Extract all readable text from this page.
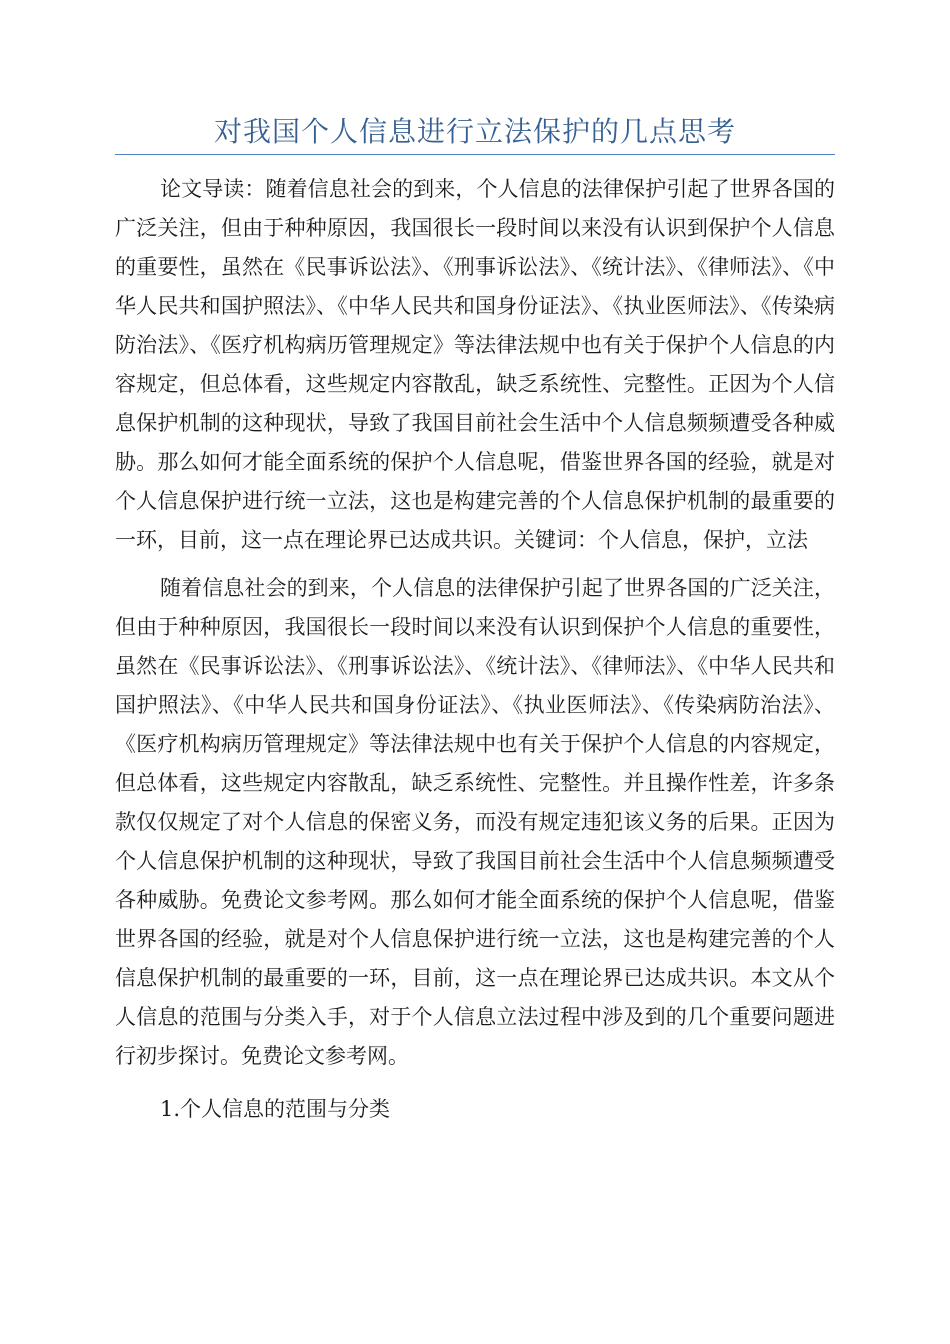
对我国个人信息进行立法保护的几点思考

论文导读：随着信息社会的到来，个人信息的法律保护引起了世界各国的广泛关注，但由于种种原因，我国很长一段时间以来没有认识到保护个人信息的重要性，虽然在《民事诉讼法》、《刑事诉讼法》、《统计法》、《律师法》、《中华人民共和国护照法》、《中华人民共和国身份证法》、《执业医师法》、《传染病防治法》、《医疗机构病历管理规定》等法律法规中也有关于保护个人信息的内容规定，但总体看，这些规定内容散乱，缺乏系统性、完整性。正因为个人信息保护机制的这种现状，导致了我国目前社会生活中个人信息频频遭受各种威胁。那么如何才能全面系统的保护个人信息呢，借鉴世界各国的经验，就是对个人信息保护进行统一立法，这也是构建完善的个人信息保护机制的最重要的一环，目前，这一点在理论界已达成共识。关键词：个人信息，保护，立法

随着信息社会的到来，个人信息的法律保护引起了世界各国的广泛关注，但由于种种原因，我国很长一段时间以来没有认识到保护个人信息的重要性，虽然在《民事诉讼法》、《刑事诉讼法》、《统计法》、《律师法》、《中华人民共和国护照法》、《中华人民共和国身份证法》、《执业医师法》、《传染病防治法》、《医疗机构病历管理规定》等法律法规中也有关于保护个人信息的内容规定，但总体看，这些规定内容散乱，缺乏系统性、完整性。并且操作性差，许多条款仅仅规定了对个人信息的保密义务，而没有规定违犯该义务的后果。正因为个人信息保护机制的这种现状，导致了我国目前社会生活中个人信息频频遭受各种威胁。免费论文参考网。那么如何才能全面系统的保护个人信息呢，借鉴世界各国的经验，就是对个人信息保护进行统一立法，这也是构建完善的个人信息保护机制的最重要的一环，目前，这一点在理论界已达成共识。本文从个人信息的范围与分类入手，对于个人信息立法过程中涉及到的几个重要问题进行初步探讨。免费论文参考网。

1.个人信息的范围与分类
